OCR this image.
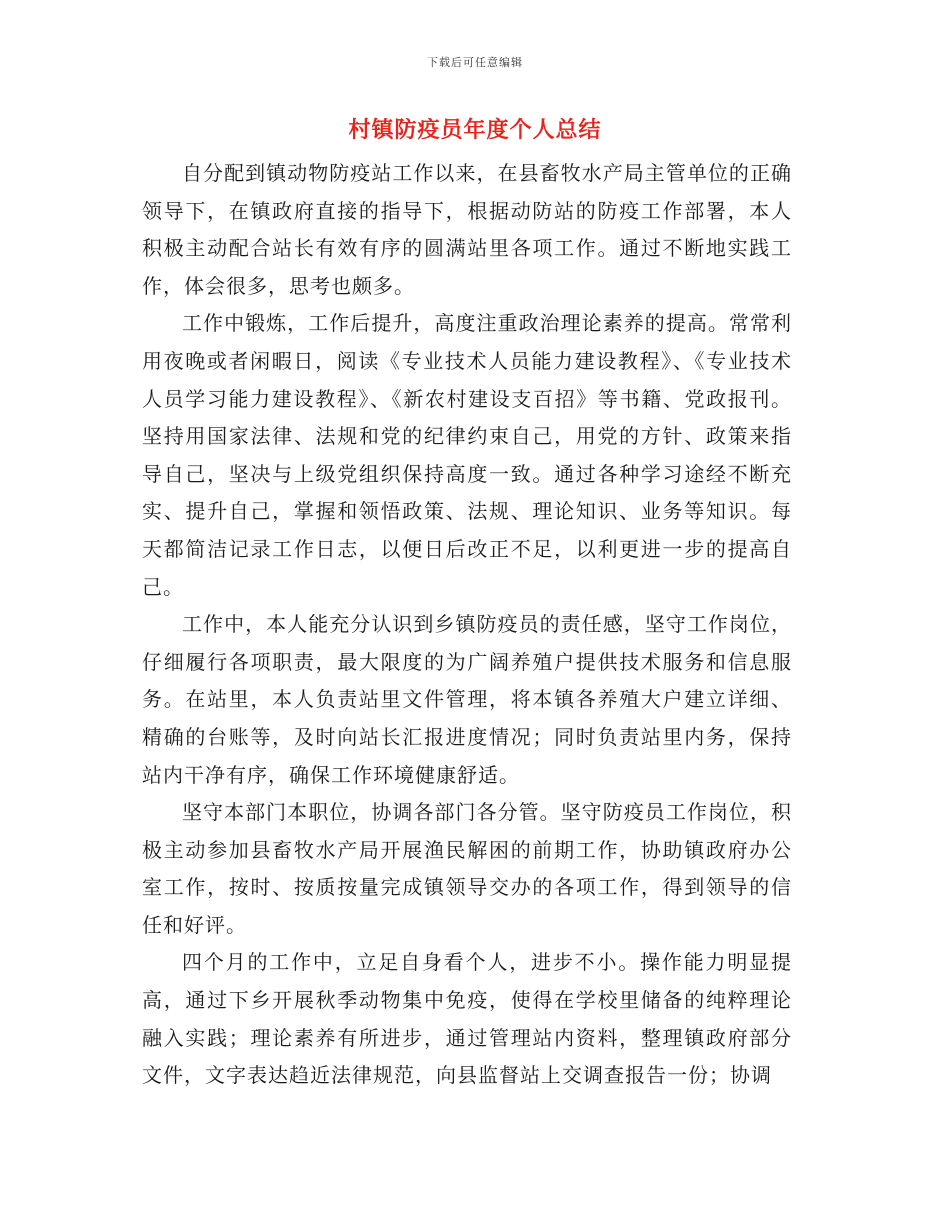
下载后可任意编辑
村镇防疫员年度个人总结

自分配到镇动物防疫站工作以来，在县畜牧水产局主管单位的正确领导下，在镇政府直接的指导下，根据动防站的防疫工作部署，本人积极主动配合站长有效有序的圆满站里各项工作。通过不断地实践工作，体会很多，思考也颇多。

工作中锻炼，工作后提升，高度注重政治理论素养的提高。常常利用夜晚或者闲暇日，阅读《专业技术人员能力建设教程》、《专业技术人员学习能力建设教程》、《新农村建设支百招》等书籍、党政报刊。坚持用国家法律、法规和党的纪律约束自己，用党的方针、政策来指导自己，坚决与上级党组织保持高度一致。通过各种学习途经不断充实、提升自己，掌握和领悟政策、法规、理论知识、业务等知识。每天都简洁记录工作日志，以便日后改正不足，以利更进一步的提高自己。

工作中，本人能充分认识到乡镇防疫员的责任感，坚守工作岗位，仔细履行各项职责，最大限度的为广阔养殖户提供技术服务和信息服务。在站里，本人负责站里文件管理，将本镇各养殖大户建立详细、精确的台账等，及时向站长汇报进度情况；同时负责站里内务，保持站内干净有序，确保工作环境健康舒适。

坚守本部门本职位，协调各部门各分管。坚守防疫员工作岗位，积极主动参加县畜牧水产局开展渔民解困的前期工作，协助镇政府办公室工作，按时、按质按量完成镇领导交办的各项工作，得到领导的信任和好评。

四个月的工作中，立足自身看个人，进步不小。操作能力明显提高，通过下乡开展秋季动物集中免疫，使得在学校里储备的纯粹理论融入实践；理论素养有所进步，通过管理站内资料，整理镇政府部分文件，文字表达趋近法律规范，向县监督站上交调查报告一份；协调
